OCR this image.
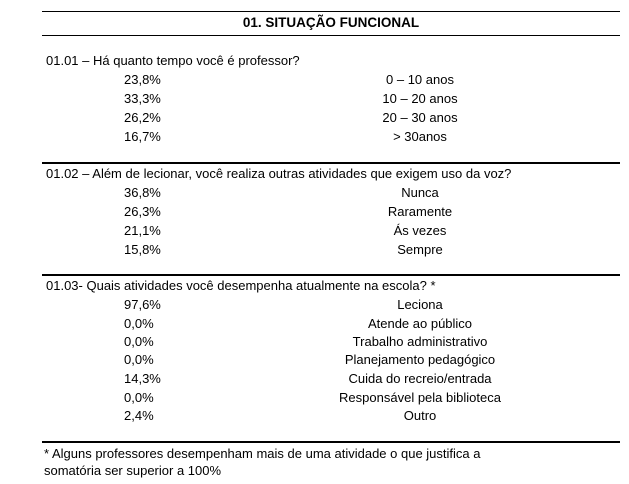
01. SITUAÇÃO FUNCIONAL
01.01 – Há quanto tempo você é professor?
23,8%	0 – 10 anos
33,3%	10 – 20 anos
26,2%	20 – 30 anos
16,7%	> 30anos
01.02 – Além de lecionar, você realiza outras atividades que exigem uso da voz?
36,8%	Nunca
26,3%	Raramente
21,1%	Ás vezes
15,8%	Sempre
01.03- Quais atividades você desempenha atualmente na escola? *
97,6%	Leciona
0,0%	Atende ao público
0,0%	Trabalho administrativo
0,0%	Planejamento pedagógico
14,3%	Cuida do recreio/entrada
0,0%	Responsável pela biblioteca
2,4%	Outro
* Alguns professores desempenham mais de uma atividade o que justifica a
somatória ser superior a 100%
